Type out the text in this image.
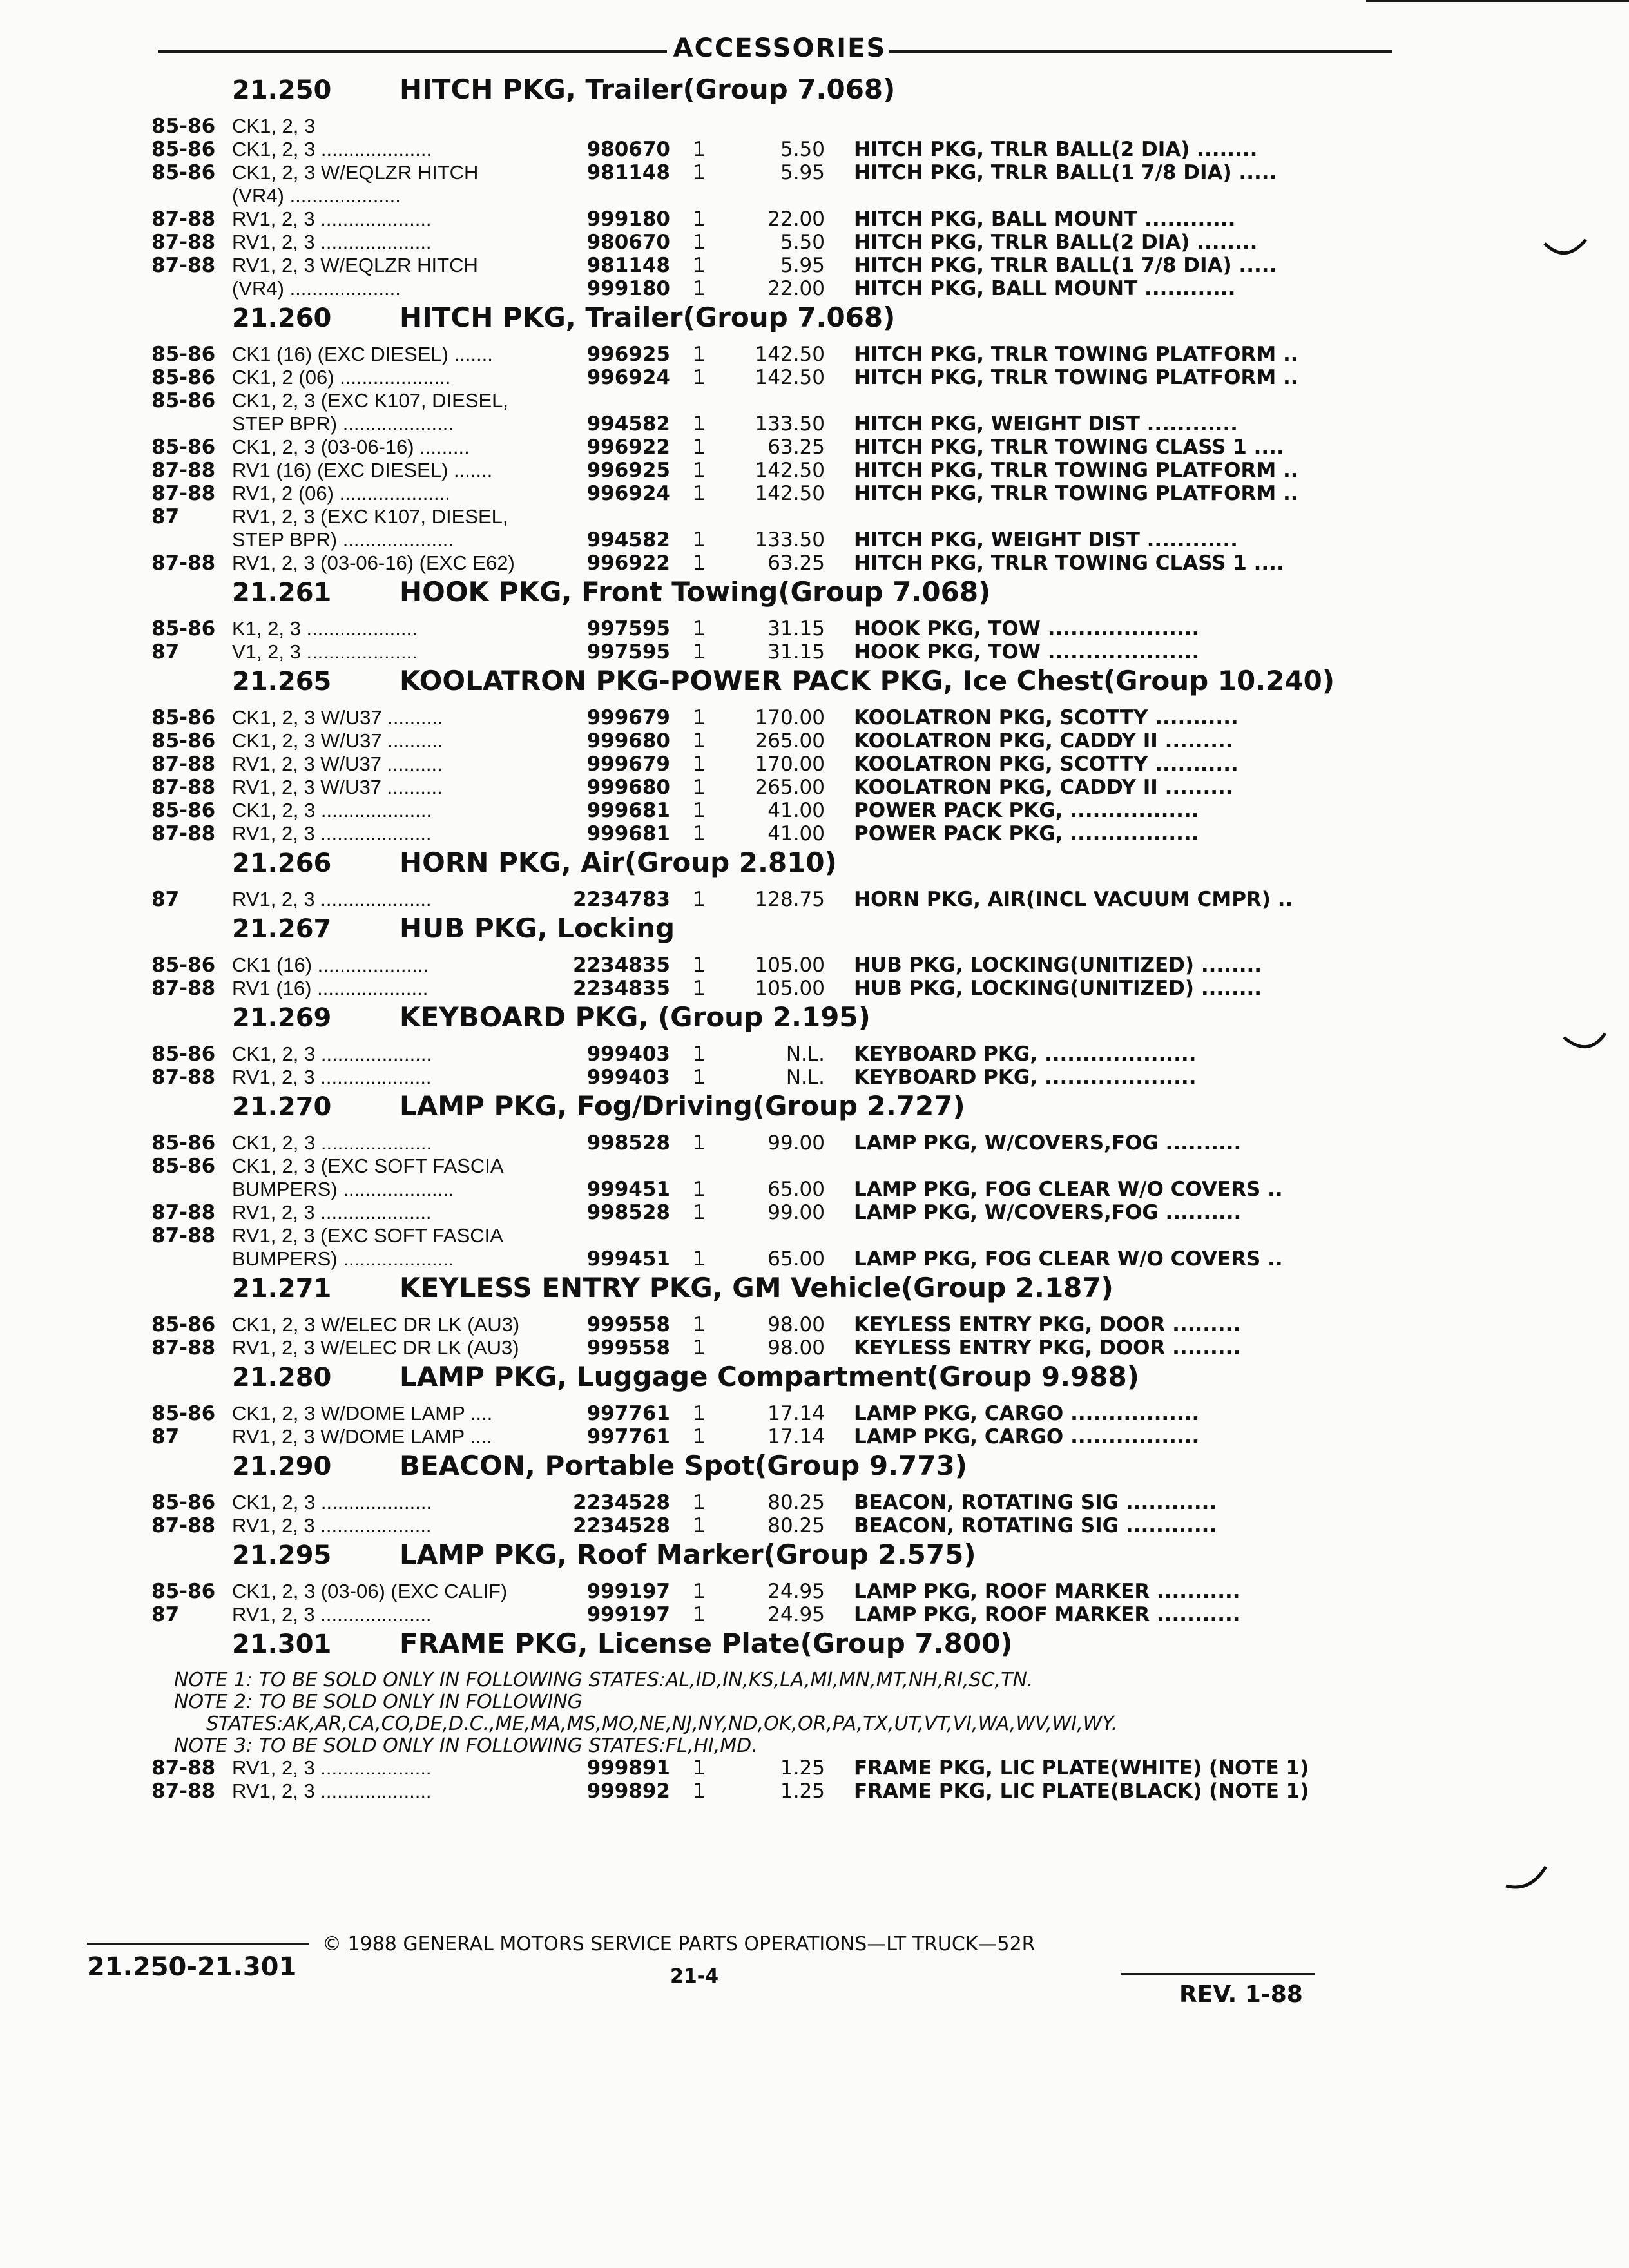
ACCESSORIES
21.250	HITCH PKG, Trailer(Group 7.068)
85-86 CK1, 2, 3
85-86 CK1, 2, 3 ....................	980670	1	5.50	HITCH PKG, TRLR BALL(2 DIA) ........
85-86 CK1, 2, 3 W/EQLZR HITCH	981148	1	5.95	HITCH PKG, TRLR BALL(1 7/8 DIA) .....
(VR4) ....................
87-88 RV1, 2, 3 ....................	999180	1	22.00	HITCH PKG, BALL MOUNT ............
87-88 RV1, 2, 3 ....................	980670	1	5.50	HITCH PKG, TRLR BALL(2 DIA) ........
87-88 RV1, 2, 3 W/EQLZR HITCH	981148	1	5.95	HITCH PKG, TRLR BALL(1 7/8 DIA) .....
(VR4) ....................	999180	1	22.00	HITCH PKG, BALL MOUNT ............
21.260	HITCH PKG, Trailer(Group 7.068)
85-86 CK1 (16) (EXC DIESEL) .......	996925	1	142.50	HITCH PKG, TRLR TOWING PLATFORM ..
85-86 CK1, 2 (06) ....................	996924	1	142.50	HITCH PKG, TRLR TOWING PLATFORM ..
85-86 CK1, 2, 3 (EXC K107, DIESEL,
STEP BPR) ....................	994582	1	133.50	HITCH PKG, WEIGHT DIST ............
85-86 CK1, 2, 3 (03-06-16) .........	996922	1	63.25	HITCH PKG, TRLR TOWING CLASS 1 ....
87-88 RV1 (16) (EXC DIESEL) .......	996925	1	142.50	HITCH PKG, TRLR TOWING PLATFORM ..
87-88 RV1, 2 (06) ....................	996924	1	142.50	HITCH PKG, TRLR TOWING PLATFORM ..
87	RV1, 2, 3 (EXC K107, DIESEL,
STEP BPR) ....................	994582	1	133.50	HITCH PKG, WEIGHT DIST ............
87-88 RV1, 2, 3 (03-06-16) (EXC E62)	996922	1	63.25	HITCH PKG, TRLR TOWING CLASS 1 ....
21.261	HOOK PKG, Front Towing(Group 7.068)
85-86 K1, 2, 3 ....................	997595	1	31.15	HOOK PKG, TOW ....................
87	V1, 2, 3 ....................	997595	1	31.15	HOOK PKG, TOW ....................
21.265	KOOLATRON PKG-POWER PACK PKG, Ice Chest(Group 10.240)
85-86 CK1, 2, 3 W/U37 ..........	999679	1	170.00	KOOLATRON PKG, SCOTTY ...........
85-86 CK1, 2, 3 W/U37 ..........	999680	1	265.00	KOOLATRON PKG, CADDY II .........
87-88 RV1, 2, 3 W/U37 ..........	999679	1	170.00	KOOLATRON PKG, SCOTTY ...........
87-88 RV1, 2, 3 W/U37 ..........	999680	1	265.00	KOOLATRON PKG, CADDY II .........
85-86 CK1, 2, 3 ....................	999681	1	41.00	POWER PACK PKG, .................
87-88 RV1, 2, 3 ....................	999681	1	41.00	POWER PACK PKG, .................
21.266	HORN PKG, Air(Group 2.810)
87	RV1, 2, 3 ....................	2234783	1	128.75	HORN PKG, AIR(INCL VACUUM CMPR) ..
21.267	HUB PKG, Locking
85-86 CK1 (16) ....................	2234835	1	105.00	HUB PKG, LOCKING(UNITIZED) ........
87-88 RV1 (16) ....................	2234835	1	105.00	HUB PKG, LOCKING(UNITIZED) ........
21.269	KEYBOARD PKG, (Group 2.195)
85-86 CK1, 2, 3 ....................	999403	1	N.L.	KEYBOARD PKG, ....................
87-88 RV1, 2, 3 ....................	999403	1	N.L.	KEYBOARD PKG, ....................
21.270	LAMP PKG, Fog/Driving(Group 2.727)
85-86 CK1, 2, 3 ....................	998528	1	99.00	LAMP PKG, W/COVERS,FOG ..........
85-86 CK1, 2, 3 (EXC SOFT FASCIA
BUMPERS) ....................	999451	1	65.00	LAMP PKG, FOG CLEAR W/O COVERS ..
87-88 RV1, 2, 3 ....................	998528	1	99.00	LAMP PKG, W/COVERS,FOG ..........
87-88 RV1, 2, 3 (EXC SOFT FASCIA
BUMPERS) ....................	999451	1	65.00	LAMP PKG, FOG CLEAR W/O COVERS ..
21.271	KEYLESS ENTRY PKG, GM Vehicle(Group 2.187)
85-86 CK1, 2, 3 W/ELEC DR LK (AU3)	999558	1	98.00	KEYLESS ENTRY PKG, DOOR .........
87-88 RV1, 2, 3 W/ELEC DR LK (AU3)	999558	1	98.00	KEYLESS ENTRY PKG, DOOR .........
21.280	LAMP PKG, Luggage Compartment(Group 9.988)
85-86 CK1, 2, 3 W/DOME LAMP ....	997761	1	17.14	LAMP PKG, CARGO .................
87	RV1, 2, 3 W/DOME LAMP ....	997761	1	17.14	LAMP PKG, CARGO .................
21.290	BEACON, Portable Spot(Group 9.773)
85-86 CK1, 2, 3 ....................	2234528	1	80.25	BEACON, ROTATING SIG ............
87-88 RV1, 2, 3 ....................	2234528	1	80.25	BEACON, ROTATING SIG ............
21.295	LAMP PKG, Roof Marker(Group 2.575)
85-86 CK1, 2, 3 (03-06) (EXC CALIF)	999197	1	24.95	LAMP PKG, ROOF MARKER ...........
87	RV1, 2, 3 ....................	999197	1	24.95	LAMP PKG, ROOF MARKER ...........
21.301	FRAME PKG, License Plate(Group 7.800)
NOTE 1: TO BE SOLD ONLY IN FOLLOWING STATES:AL,ID,IN,KS,LA,MI,MN,MT,NH,RI,SC,TN.
NOTE 2: TO BE SOLD ONLY IN FOLLOWING
STATES:AK,AR,CA,CO,DE,D.C.,ME,MA,MS,MO,NE,NJ,NY,ND,OK,OR,PA,TX,UT,VT,VI,WA,WV,WI,WY.
NOTE 3: TO BE SOLD ONLY IN FOLLOWING STATES:FL,HI,MD.
87-88 RV1, 2, 3 ....................	999891	1	1.25	FRAME PKG, LIC PLATE(WHITE) (NOTE 1)
87-88 RV1, 2, 3 ....................	999892	1	1.25	FRAME PKG, LIC PLATE(BLACK) (NOTE 1)
21.250-21.301
© 1988 GENERAL MOTORS SERVICE PARTS OPERATIONS—LT TRUCK—52R
21-4
REV. 1-88
